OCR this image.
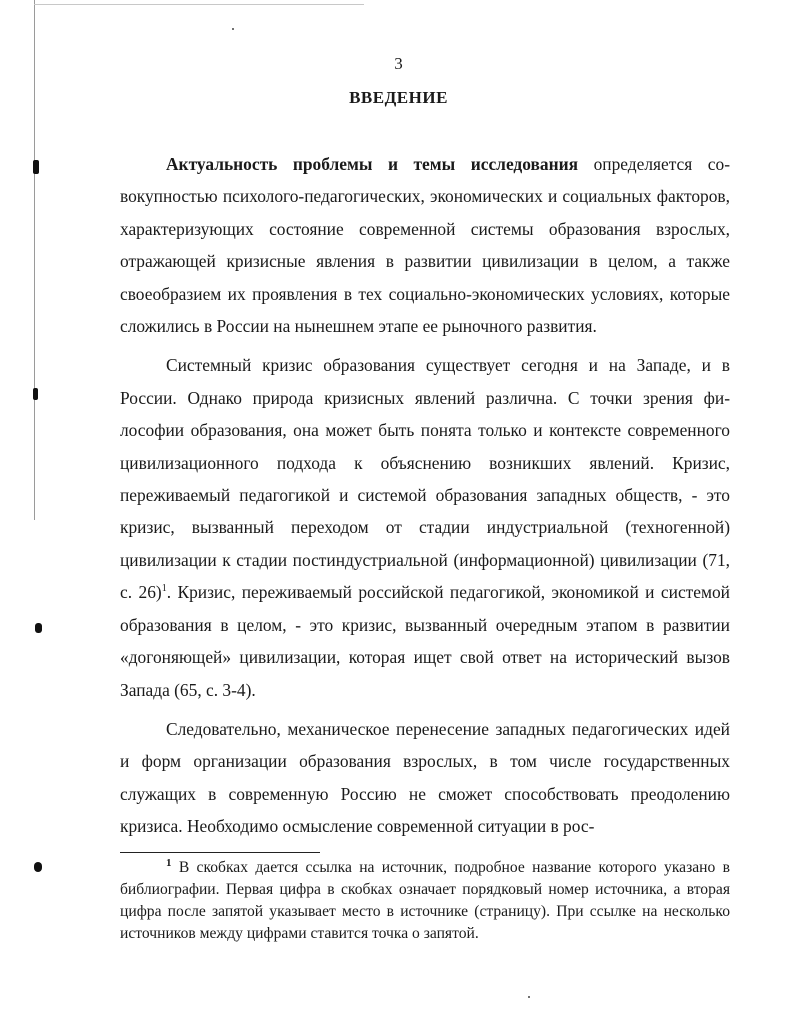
3
ВВЕДЕНИЕ

Актуальность проблемы и темы исследования определяется совокупностью психолого-педагогических, экономических и социальных факторов, характеризующих состояние современной системы образования взрослых, отражающей кризисные явления в развитии цивилизации в целом, а также своеобразием их проявления в тех социально-экономических условиях, которые сложились в России на нынешнем этапе ее рыночного развития.

Системный кризис образования существует сегодня и на Западе, и в России. Однако природа кризисных явлений различна. С точки зрения философии образования, она может быть понята только и контексте современного цивилизационного подхода к объяснению возникших явлений. Кризис, переживаемый педагогикой и системой образования западных обществ, - это кризис, вызванный переходом от стадии индустриальной (техногенной) цивилизации к стадии постиндустриальной (информационной) цивилизации (71, с. 26)$^1$. Кризис, переживаемый российской педагогикой, экономикой и системой образования в целом, - это кризис, вызванный очередным этапом в развитии «догоняющей» цивилизации, которая ищет свой ответ на исторический вызов Запада (65, с. 3-4).

Следовательно, механическое перенесение западных педагогических идей и форм организации образования взрослых, в том числе государственных служащих в современную Россию не сможет способствовать преодолению кризиса. Необходимо осмысление современной ситуации в рос-

$^1$ В скобках дается ссылка на источник, подробное название которого указано в библиографии. Первая цифра в скобках означает порядковый номер источника, а вторая цифра после запятой указывает место в источнике (страницу). При ссылке на несколько источников между цифрами ставится точка о запятой.
